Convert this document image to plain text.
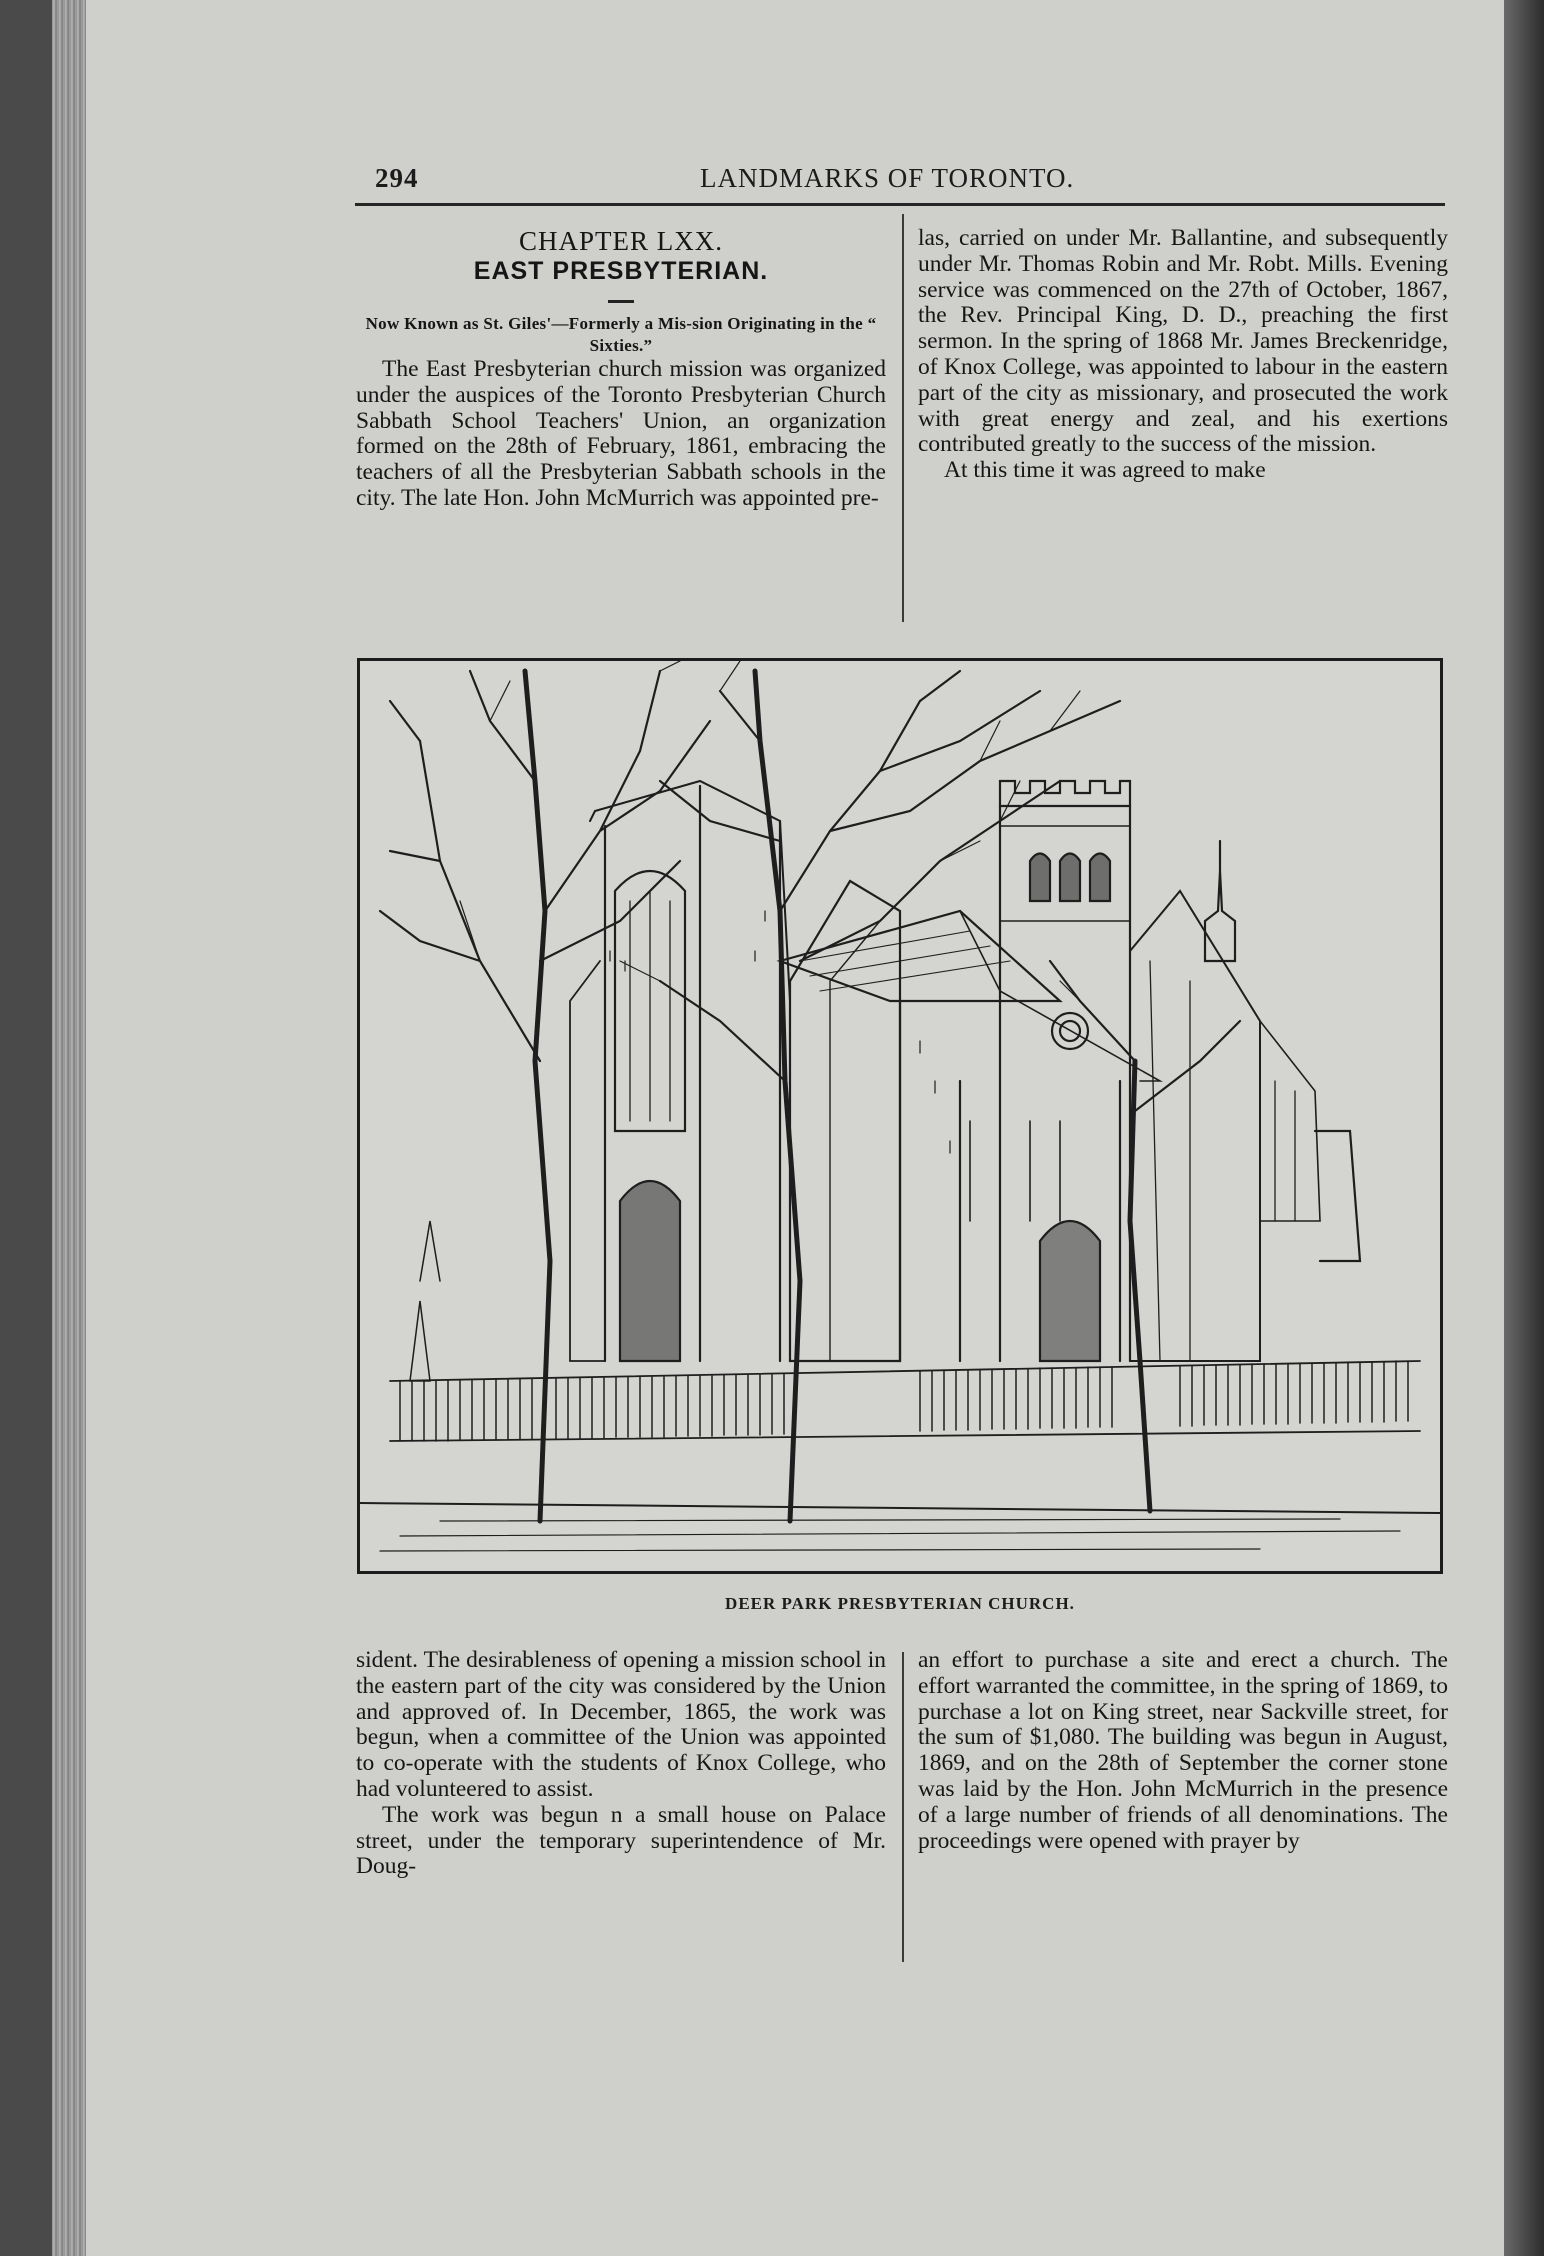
294	LANDMARKS OF TORONTO.

CHAPTER LXX.

EAST PRESBYTERIAN.

Now Known as St. Giles'—Formerly a Mis-sion Originating in the “ Sixties.”

The East Presbyterian church mission was organized under the auspices of the Toronto Presbyterian Church Sabbath School Teachers' Union, an organization formed on the 28th of February, 1861, embracing the teachers of all the Presbyterian Sabbath schools in the city. The late Hon. John McMurrich was appointed pre-

las, carried on under Mr. Ballantine, and subsequently under Mr. Thomas Robin and Mr. Robt. Mills. Evening service was commenced on the 27th of October, 1867, the Rev. Principal King, D. D., preaching the first sermon. In the spring of 1868 Mr. James Breckenridge, of Knox College, was appointed to labour in the eastern part of the city as missionary, and prosecuted the work with great energy and zeal, and his exertions contributed greatly to the success of the mission.

At this time it was agreed to make

DEER PARK PRESBYTERIAN CHURCH.

sident. The desirableness of opening a mission school in the eastern part of the city was considered by the Union and approved of. In December, 1865, the work was begun, when a committee of the Union was appointed to co-operate with the students of Knox College, who had volunteered to assist.

The work was begun n a small house on Palace street, under the temporary superintendence of Mr. Doug-

an effort to purchase a site and erect a church. The effort warranted the committee, in the spring of 1869, to purchase a lot on King street, near Sackville street, for the sum of $1,080. The building was begun in August, 1869, and on the 28th of September the corner stone was laid by the Hon. John McMurrich in the presence of a large number of friends of all denominations. The proceedings were opened with prayer by
